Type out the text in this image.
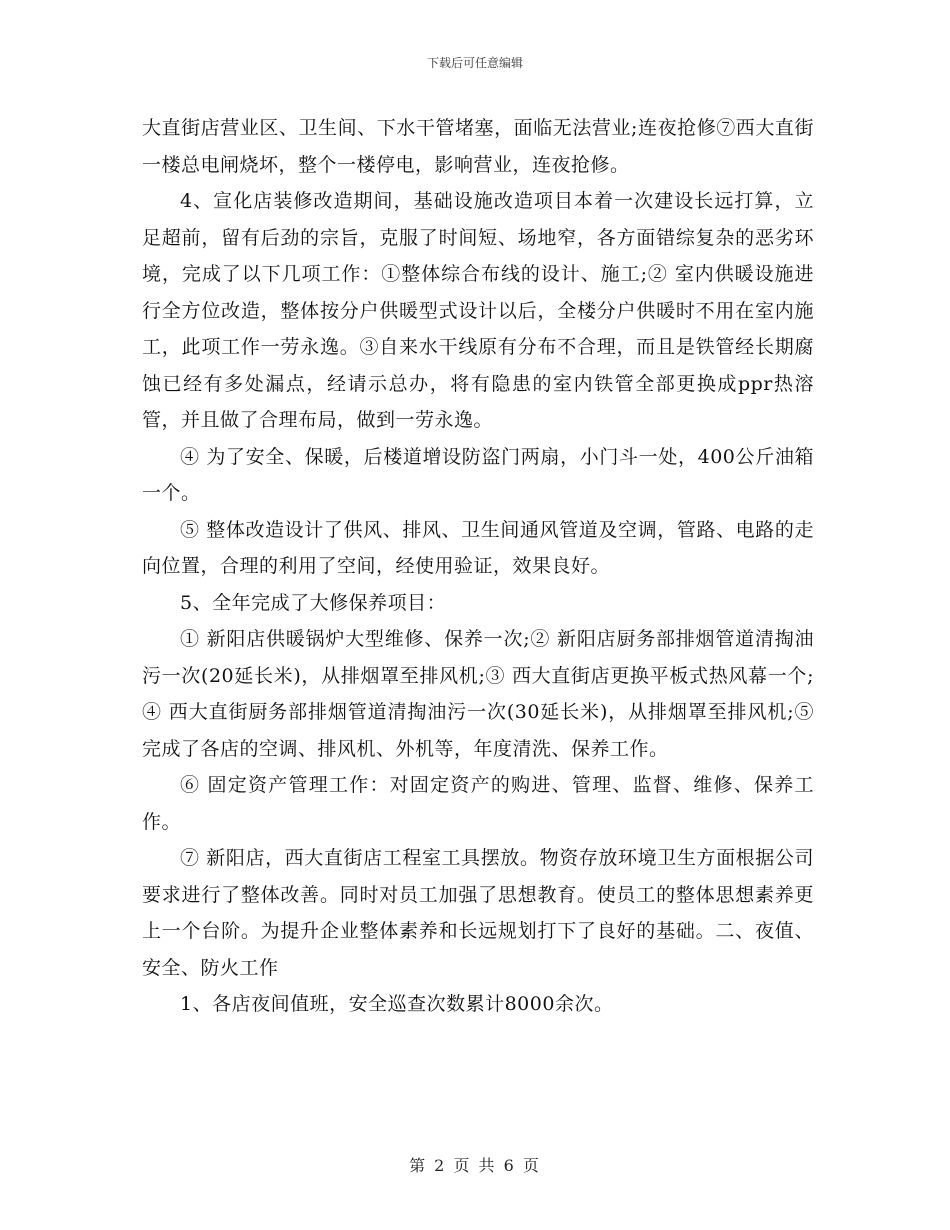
下载后可任意编辑

大直街店营业区、卫生间、下水干管堵塞，面临无法营业;连夜抢修⑦西大直街一楼总电闸烧坏，整个一楼停电，影响营业，连夜抢修。

4、宣化店装修改造期间，基础设施改造项目本着一次建设长远打算，立足超前，留有后劲的宗旨，克服了时间短、场地窄，各方面错综复杂的恶劣环境，完成了以下几项工作：①整体综合布线的设计、施工;② 室内供暖设施进行全方位改造，整体按分户供暖型式设计以后，全楼分户供暖时不用在室内施工，此项工作一劳永逸。③自来水干线原有分布不合理，而且是铁管经长期腐蚀已经有多处漏点，经请示总办，将有隐患的室内铁管全部更换成ppr热溶管，并且做了合理布局，做到一劳永逸。

④ 为了安全、保暖，后楼道增设防盗门两扇，小门斗一处，400公斤油箱一个。

⑤ 整体改造设计了供风、排风、卫生间通风管道及空调，管路、电路的走向位置，合理的利用了空间，经使用验证，效果良好。

5、全年完成了大修保养项目：

① 新阳店供暖锅炉大型维修、保养一次;② 新阳店厨务部排烟管道清掏油污一次(20延长米)，从排烟罩至排风机;③ 西大直街店更换平板式热风幕一个;④ 西大直街厨务部排烟管道清掏油污一次(30延长米)，从排烟罩至排风机;⑤ 完成了各店的空调、排风机、外机等，年度清洗、保养工作。

⑥ 固定资产管理工作：对固定资产的购进、管理、监督、维修、保养工作。

⑦ 新阳店，西大直街店工程室工具摆放。物资存放环境卫生方面根据公司要求进行了整体改善。同时对员工加强了思想教育。使员工的整体思想素养更上一个台阶。为提升企业整体素养和长远规划打下了良好的基础。二、夜值、安全、防火工作

1、各店夜间值班，安全巡查次数累计8000余次。

第 2 页 共 6 页
